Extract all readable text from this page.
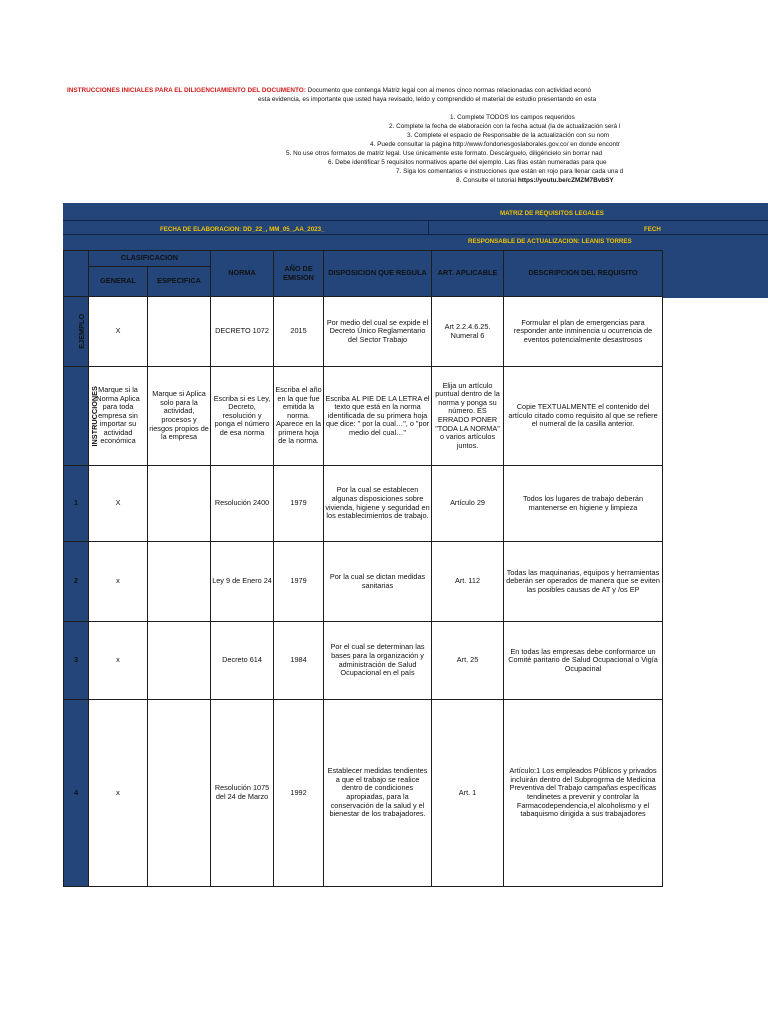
INSTRUCCIONES INICIALES PARA EL DILIGENCIAMIENTO DEL DOCUMENTO: Documento que contenga Matriz legal con al menos cinco normas relacionadas con actividad econó
esta evidencia, es importante que usted haya revisado, leído y comprendido el material de estudio presentando en esta
1. Complete TODOS los campos requeridos
2. Complete la fecha de elaboración con la fecha actual (la de actualización será l
3. Complete el espacio de Responsable de la actualización con su nom
4. Puede consultar la página http://www.fondoriesgoslaborales.gov.co/ en donde encontr
5. No use otros formatos de matriz legal. Use únicamente este formato. Descárguelo, diligéncielo sin borrar nad
6. Debe identificar 5 requisitos normativos aparte del ejemplo. Las filas están numeradas para que
7. Siga los comentarios e instrucciones que están en rojo para llenar cada una d
8. Consulte el tutorial https://youtu.be/cZMZM7BvbSY
MATRIZ DE REQUISITOS LEGALES
FECHA DE ELABORACION: DD_22_, MM_05_,AA_2023_	FECH
RESPONSABLE DE ACTUALIZACION: LEANIS TORRES
	CLASIFICACION		NORMA	AÑO DE EMISION	DISPOSICION QUE REGULA	ART. APLICABLE	DESCRIPCION DEL REQUISITO
	GENERAL	ESPECIFICA					
EJEMPLO	X		DECRETO 1072	2015	Por medio del cual se expide el Decreto Único Reglamentario del Sector Trabajo	Art 2.2.4.6.25. Numeral 6	Formular el plan de emergencias para responder ante inminencia u ocurrencia de eventos potencialmente desastrosos
INSTRUCCIONES	Marque si la Norma Aplica para toda empresa sin importar su actividad económica	Marque si Aplica solo para la actividad, procesos y riesgos propios de la empresa	Escriba si es Ley, Decreto, resolución y ponga el número de esa norma	Escriba el año en la que fue emitida la norma. Aparece en la primera hoja de la norma.	Escriba AL PIE DE LA LETRA el texto que está en la norma identificada de su primera hoja que dice: " por la cual…", o "por medio del cual…"	Elija un artículo puntual dentro de la norma y ponga su número. ES ERRADO PONER "TODA LA NORMA" o varios artículos juntos.	Copie TEXTUALMENTE el contenido del artículo citado como requisito al que se refiere el numeral de la casilla anterior.
1	X		Resolución 2400	1979	Por la cual se establecen algunas disposiciones sobre vivienda, higiene y seguridad en los establecimientos de trabajo.	Artículo 29	Todos los lugares de trabajo deberán mantenerse en higiene y limpieza
2	x		Ley 9 de Enero 24	1979	Por la cual se dictan medidas sanitarias	Art. 112	Todas las maquinarias, equipos y herramientas deberán ser operados de manera que se eviten las posibles causas de AT y /os EP
3	x		Decreto 614	1984	Por el cual se determinan las bases para la organización y administración de Salud Ocupacional en el país	Art. 25	En todas las empresas debe conformarce un Comité paritario de Salud Ocupacional o Vigía Ocupacinal
4	x		Resolución 1075 del 24 de Marzo	1992	Establecer medidas tendientes a que el trabajo se realice dentro de condiciones apropiadas, para la conservación de la salud y el bienestar de los trabajadores.	Art. 1	Artículo:1 Los empleados Públicos y privados incluirán dentro del Subprogrma de Medicina Preventiva del Trabajo campañas específicas tendinetes a prevenir y controlar la Farmacodependencia,el alcoholismo y el tabaquismo dirigida a sus trabajadores
